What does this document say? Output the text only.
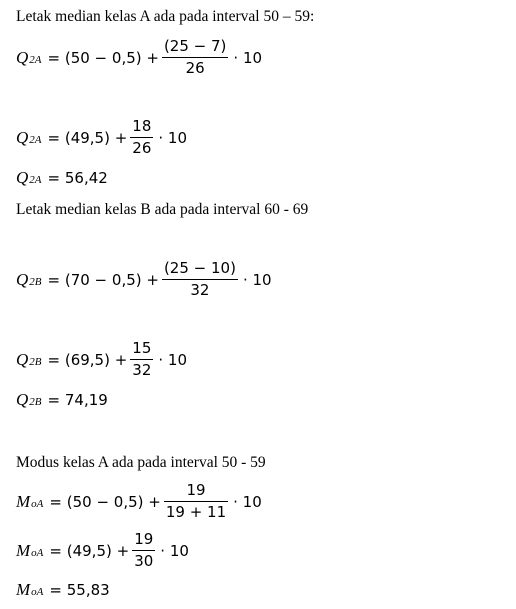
Letak median kelas A ada pada interval 50 – 59:
Q $2A = (50 - 0,5) + \frac{(25 - 7)}{26} \cdot 10$
Q $2A = (49,5) + \frac{18}{26} \cdot 10$
Q 2A = 56,42
Letak median kelas B ada pada interval 60 - 69
Q $2B = (70 - 0,5) + \frac{(25 - 10)}{32} \cdot 10$
Q $2B = (69,5) + \frac{15}{32} \cdot 10$
Q 2B = 74,19
Modus kelas A ada pada interval 50 - 59
M oA = $(50 - 0,5) + \frac{19}{19 + 11} \cdot 10$
M oA = $(49,5) + \frac{19}{30} \cdot 10$
M oA = 55,83
